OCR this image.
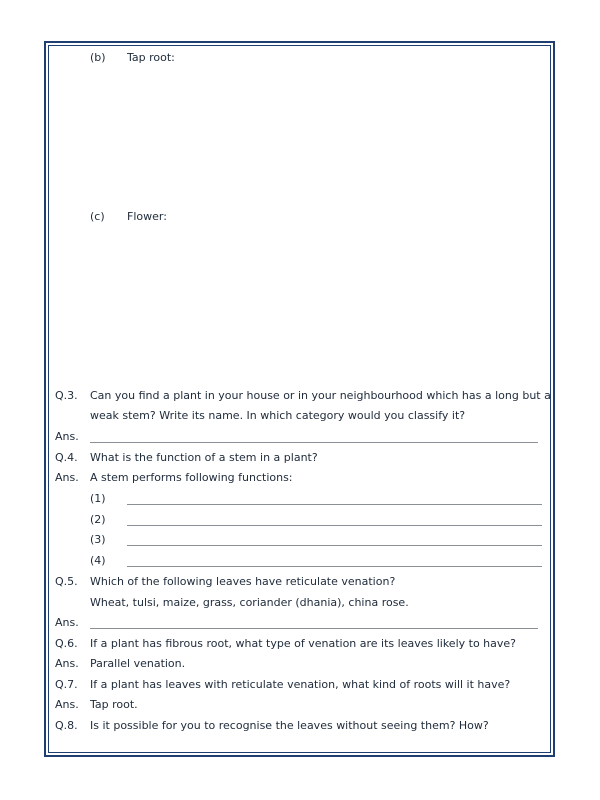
(b) Tap root:
(c) Flower:
Q.3. Can you find a plant in your house or in your neighbourhood which has a long but a
weak stem? Write its name. In which category would you classify it?
Ans.
Q.4. What is the function of a stem in a plant?
Ans. A stem performs following functions:
(1)
(2)
(3)
(4)
Q.5. Which of the following leaves have reticulate venation?
Wheat, tulsi, maize, grass, coriander (dhania), china rose.
Ans.
Q.6. If a plant has fibrous root, what type of venation are its leaves likely to have?
Ans. Parallel venation.
Q.7. If a plant has leaves with reticulate venation, what kind of roots will it have?
Ans. Tap root.
Q.8. Is it possible for you to recognise the leaves without seeing them? How?
